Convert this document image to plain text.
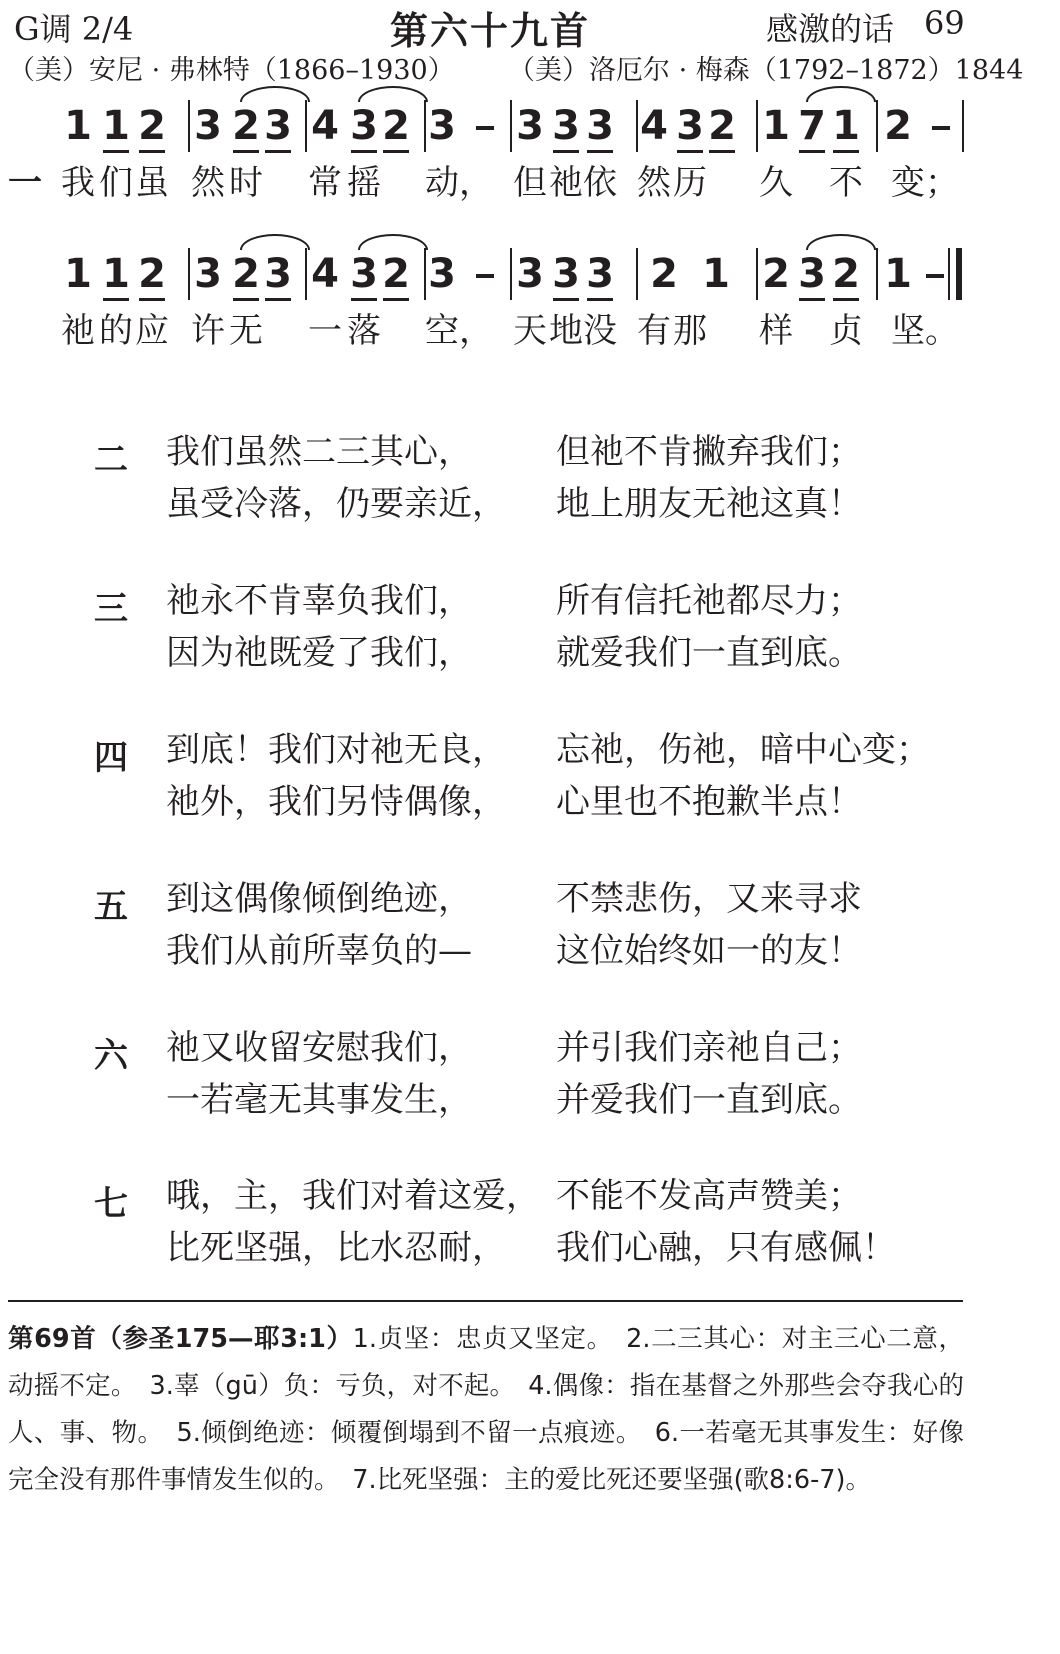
G调 2/4	第六十九首	感激的话 69
（美）安尼 · 弗林特（1866–1930） （美）洛厄尔 · 梅森（1792–1872）1844
一
1 1 2 3 2 3 4 3 2 3 3 3 3 4 3 2 1 7 1 2
1 1 2 3 2 3 4 3 2 3 3 3 3 2 1 2 3 2 1
我 们 虽 然 时 常 摇 动， 但 祂 依 然 历 久 不 变；
祂 的 应 许 无 一 落 空， 天 地 没 有 那 样 贞 坚。
二 我们虽然二三其心， 但祂不肯撇弃我们；
虽受冷落，仍要亲近， 地上朋友无祂这真！
三 祂永不肯辜负我们， 所有信托祂都尽力；
因为祂既爱了我们， 就爱我们一直到底。
四 到底！我们对祂无良， 忘祂，伤祂，暗中心变；
祂外，我们另恃偶像， 心里也不抱歉半点！
五 到这偶像倾倒绝迹， 不禁悲伤，又来寻求
我们从前所辜负的— 这位始终如一的友！
六 祂又收留安慰我们， 并引我们亲祂自己；
一若毫无其事发生， 并爱我们一直到底。
七 哦，主，我们对着这爱， 不能不发高声赞美；
比死坚强，比水忍耐， 我们心融，只有感佩！
第69首（参圣175—耶3:1）1.贞坚：忠贞又坚定。　2.二三其心：对主三心二意，动摇不定。　3.辜（gū）负：亏负，对不起。　4.偶像：指在基督之外那些会夺我心的人、事、物。　5.倾倒绝迹：倾覆倒塌到不留一点痕迹。　6.一若毫无其事发生：好像完全没有那件事情发生似的。　7.比死坚强：主的爱比死还要坚强(歌8:6-7)。
